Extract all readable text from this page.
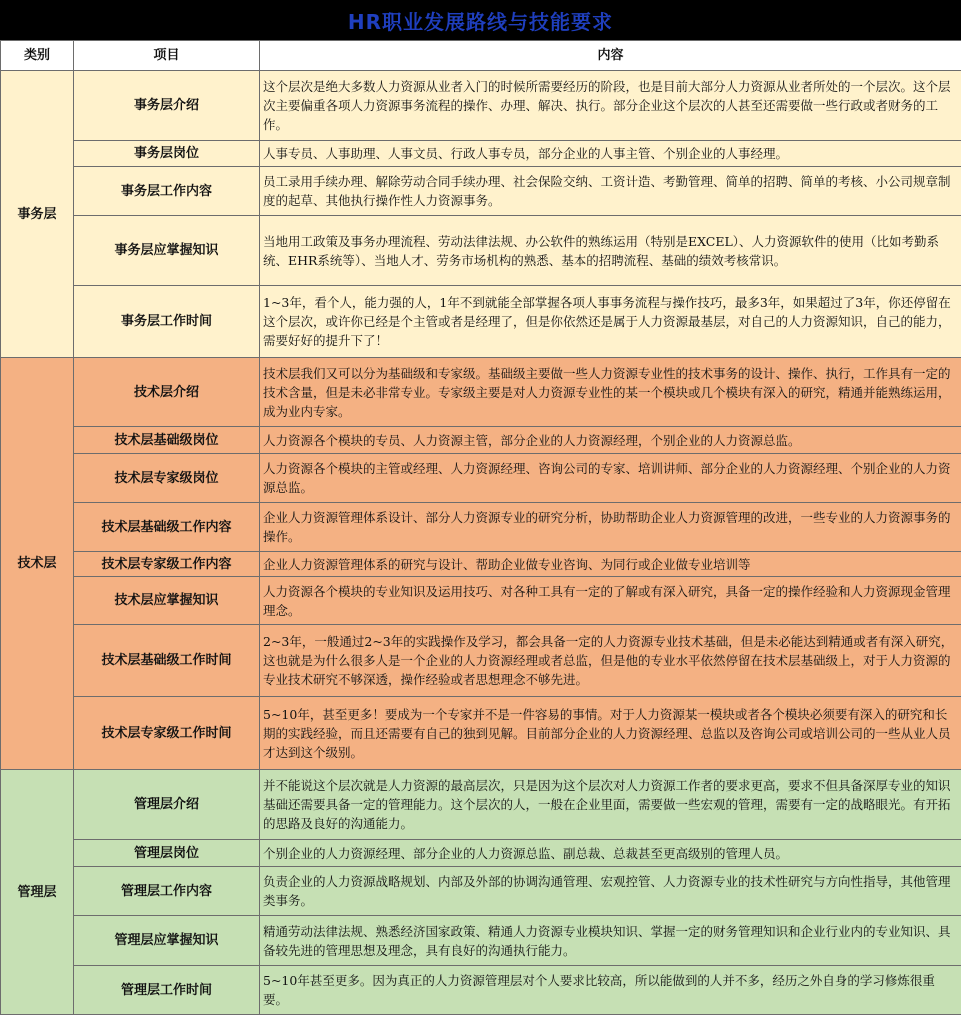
HR职业发展路线与技能要求
类别	项目	内容
事务层	事务层介绍	这个层次是绝大多数人力资源从业者入门的时候所需要经历的阶段，也是目前大部分人力资源从业者所处的一个层次。这个层次主要偏重各项人力资源事务流程的操作、办理、解决、执行。部分企业这个层次的人甚至还需要做一些行政或者财务的工作。
	事务层岗位	人事专员、人事助理、人事文员、行政人事专员，部分企业的人事主管、个别企业的人事经理。
	事务层工作内容	员工录用手续办理、解除劳动合同手续办理、社会保险交纳、工资计造、考勤管理、简单的招聘、简单的考核、小公司规章制度的起草、其他执行操作性人力资源事务。
	事务层应掌握知识	当地用工政策及事务办理流程、劳动法律法规、办公软件的熟练运用（特别是EXCEL）、人力资源软件的使用（比如考勤系统、EHR系统等）、当地人才、劳务市场机构的熟悉、基本的招聘流程、基础的绩效考核常识。
	事务层工作时间	1~3年，看个人，能力强的人，1年不到就能全部掌握各项人事事务流程与操作技巧，最多3年，如果超过了3年，你还停留在这个层次，或许你已经是个主管或者是经理了，但是你依然还是属于人力资源最基层，对自己的人力资源知识，自己的能力，需要好好的提升下了！
技术层	技术层介绍	技术层我们又可以分为基础级和专家级。基础级主要做一些人力资源专业性的技术事务的设计、操作、执行，工作具有一定的技术含量，但是未必非常专业。专家级主要是对人力资源专业性的某一个模块或几个模块有深入的研究，精通并能熟练运用，成为业内专家。
	技术层基础级岗位	人力资源各个模块的专员、人力资源主管，部分企业的人力资源经理，个别企业的人力资源总监。
	技术层专家级岗位	人力资源各个模块的主管或经理、人力资源经理、咨询公司的专家、培训讲师、部分企业的人力资源经理、个别企业的人力资源总监。
	技术层基础级工作内容	企业人力资源管理体系设计、部分人力资源专业的研究分析，协助帮助企业人力资源管理的改进，一些专业的人力资源事务的操作。
	技术层专家级工作内容	企业人力资源管理体系的研究与设计、帮助企业做专业咨询、为同行或企业做专业培训等
	技术层应掌握知识	人力资源各个模块的专业知识及运用技巧、对各种工具有一定的了解或有深入研究，具备一定的操作经验和人力资源现金管理理念。
	技术层基础级工作时间	2~3年，一般通过2~3年的实践操作及学习，都会具备一定的人力资源专业技术基础，但是未必能达到精通或者有深入研究，这也就是为什么很多人是一个企业的人力资源经理或者总监，但是他的专业水平依然停留在技术层基础级上，对于人力资源的专业技术研究不够深透，操作经验或者思想理念不够先进。
	技术层专家级工作时间	5~10年，甚至更多！要成为一个专家并不是一件容易的事情。对于人力资源某一模块或者各个模块必须要有深入的研究和长期的实践经验，而且还需要有自己的独到见解。目前部分企业的人力资源经理、总监以及咨询公司或培训公司的一些从业人员才达到这个级别。
管理层	管理层介绍	并不能说这个层次就是人力资源的最高层次，只是因为这个层次对人力资源工作者的要求更高，要求不但具备深厚专业的知识基础还需要具备一定的管理能力。这个层次的人，一般在企业里面，需要做一些宏观的管理，需要有一定的战略眼光。有开拓的思路及良好的沟通能力。
	管理层岗位	个别企业的人力资源经理、部分企业的人力资源总监、副总裁、总裁甚至更高级别的管理人员。
	管理层工作内容	负责企业的人力资源战略规划、内部及外部的协调沟通管理、宏观控管、人力资源专业的技术性研究与方向性指导，其他管理类事务。
	管理层应掌握知识	精通劳动法律法规、熟悉经济国家政策、精通人力资源专业模块知识、掌握一定的财务管理知识和企业行业内的专业知识、具备较先进的管理思想及理念，具有良好的沟通执行能力。
	管理层工作时间	5~10年甚至更多。因为真正的人力资源管理层对个人要求比较高，所以能做到的人并不多，经历之外自身的学习修炼很重要。
